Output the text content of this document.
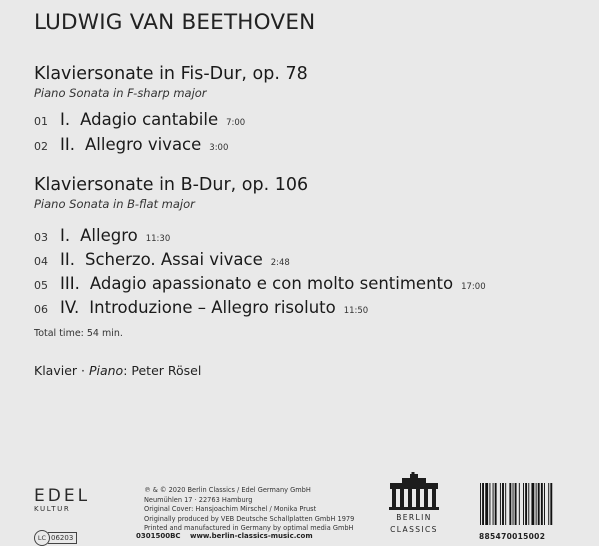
LUDWIG VAN BEETHOVEN
Klaviersonate in Fis-Dur, op. 78
Piano Sonata in F-sharp major
01 I. Adagio cantabile 7:00
02 II. Allegro vivace 3:00
Klaviersonate in B-Dur, op. 106
Piano Sonata in B-flat major
03 I. Allegro 11:30
04 II. Scherzo. Assai vivace 2:48
05 III. Adagio apassionato e con molto sentimento 17:00
06 IV. Introduzione – Allegro risoluto 11:50
Total time: 54 min.
Klavier · Piano: Peter Rösel
EDEL
KULTUR
LC 06203
℗ & © 2020 Berlin Classics / Edel Germany GmbH
Neumühlen 17 · 22763 Hamburg
Original Cover: Hansjoachim Mirschel / Monika Prust
Originally produced by VEB Deutsche Schallplatten GmbH 1979
Printed and manufactured in Germany by optimal media GmbH
0301500BC www.berlin-classics-music.com
BERLIN
CLASSICS
885470015002
